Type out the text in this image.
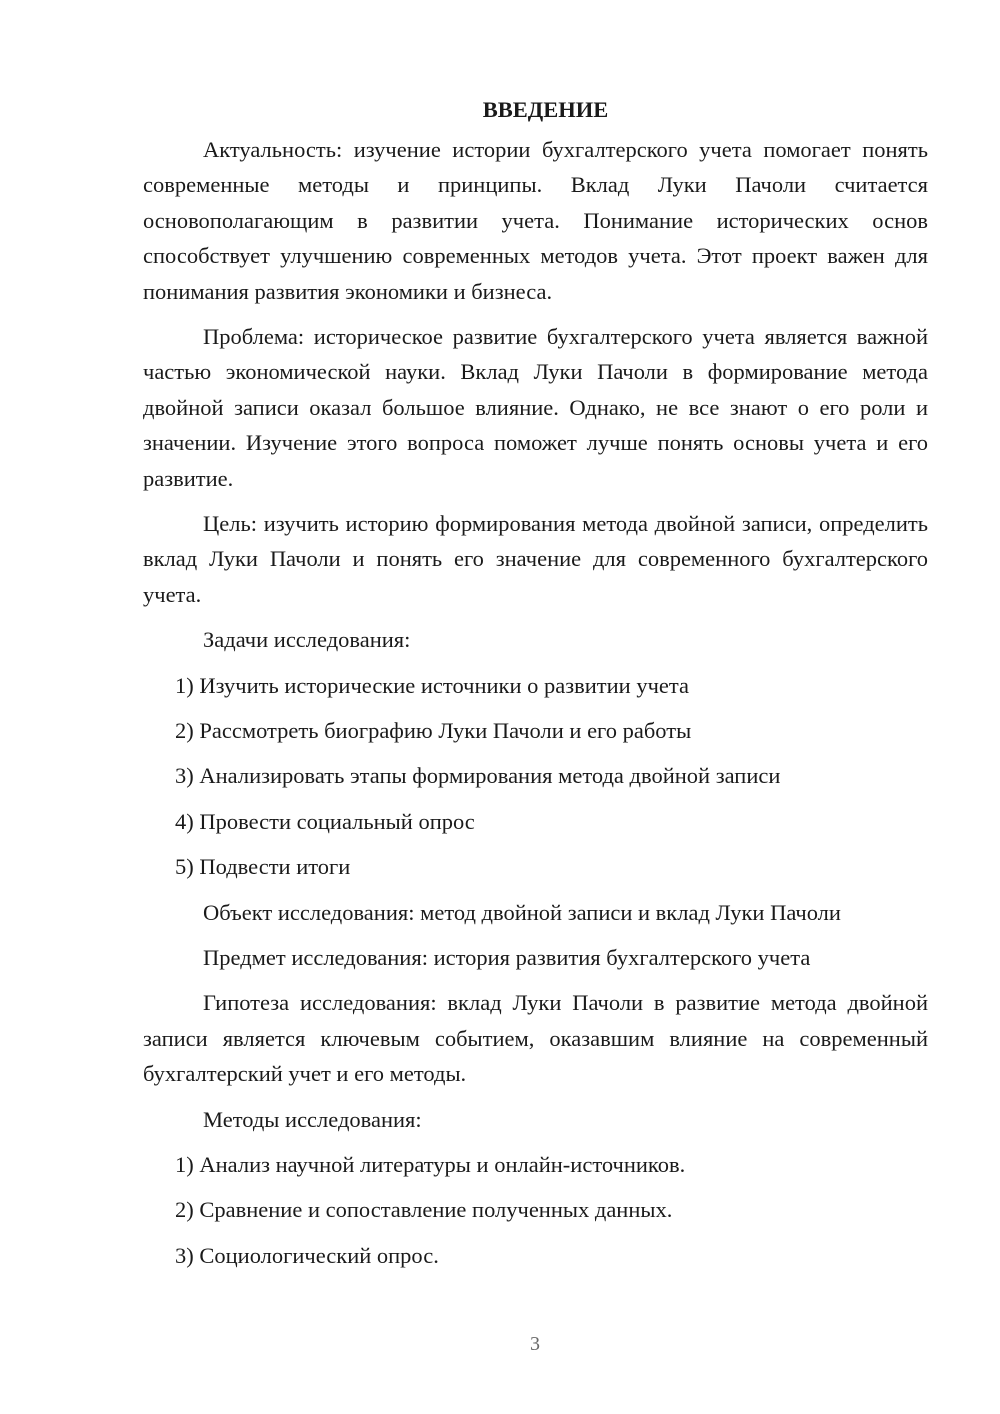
ВВЕДЕНИЕ

Актуальность: изучение истории бухгалтерского учета помогает понять современные методы и принципы. Вклад Луки Пачоли считается основополагающим в развитии учета. Понимание исторических основ способствует улучшению современных методов учета. Этот проект важен для понимания развития экономики и бизнеса.

Проблема: историческое развитие бухгалтерского учета является важной частью экономической науки. Вклад Луки Пачоли в формирование метода двойной записи оказал большое влияние. Однако, не все знают о его роли и значении. Изучение этого вопроса поможет лучше понять основы учета и его развитие.

Цель: изучить историю формирования метода двойной записи, определить вклад Луки Пачоли и понять его значение для современного бухгалтерского учета.

Задачи исследования:
1) Изучить исторические источники о развитии учета
2) Рассмотреть биографию Луки Пачоли и его работы
3) Анализировать этапы формирования метода двойной записи
4) Провести социальный опрос
5) Подвести итоги
Объект исследования: метод двойной записи и вклад Луки Пачоли
Предмет исследования: история развития бухгалтерского учета

Гипотеза исследования: вклад Луки Пачоли в развитие метода двойной записи является ключевым событием, оказавшим влияние на современный бухгалтерский учет и его методы.

Методы исследования:
1) Анализ научной литературы и онлайн-источников.
2) Сравнение и сопоставление полученных данных.
3) Социологический опрос.
3
